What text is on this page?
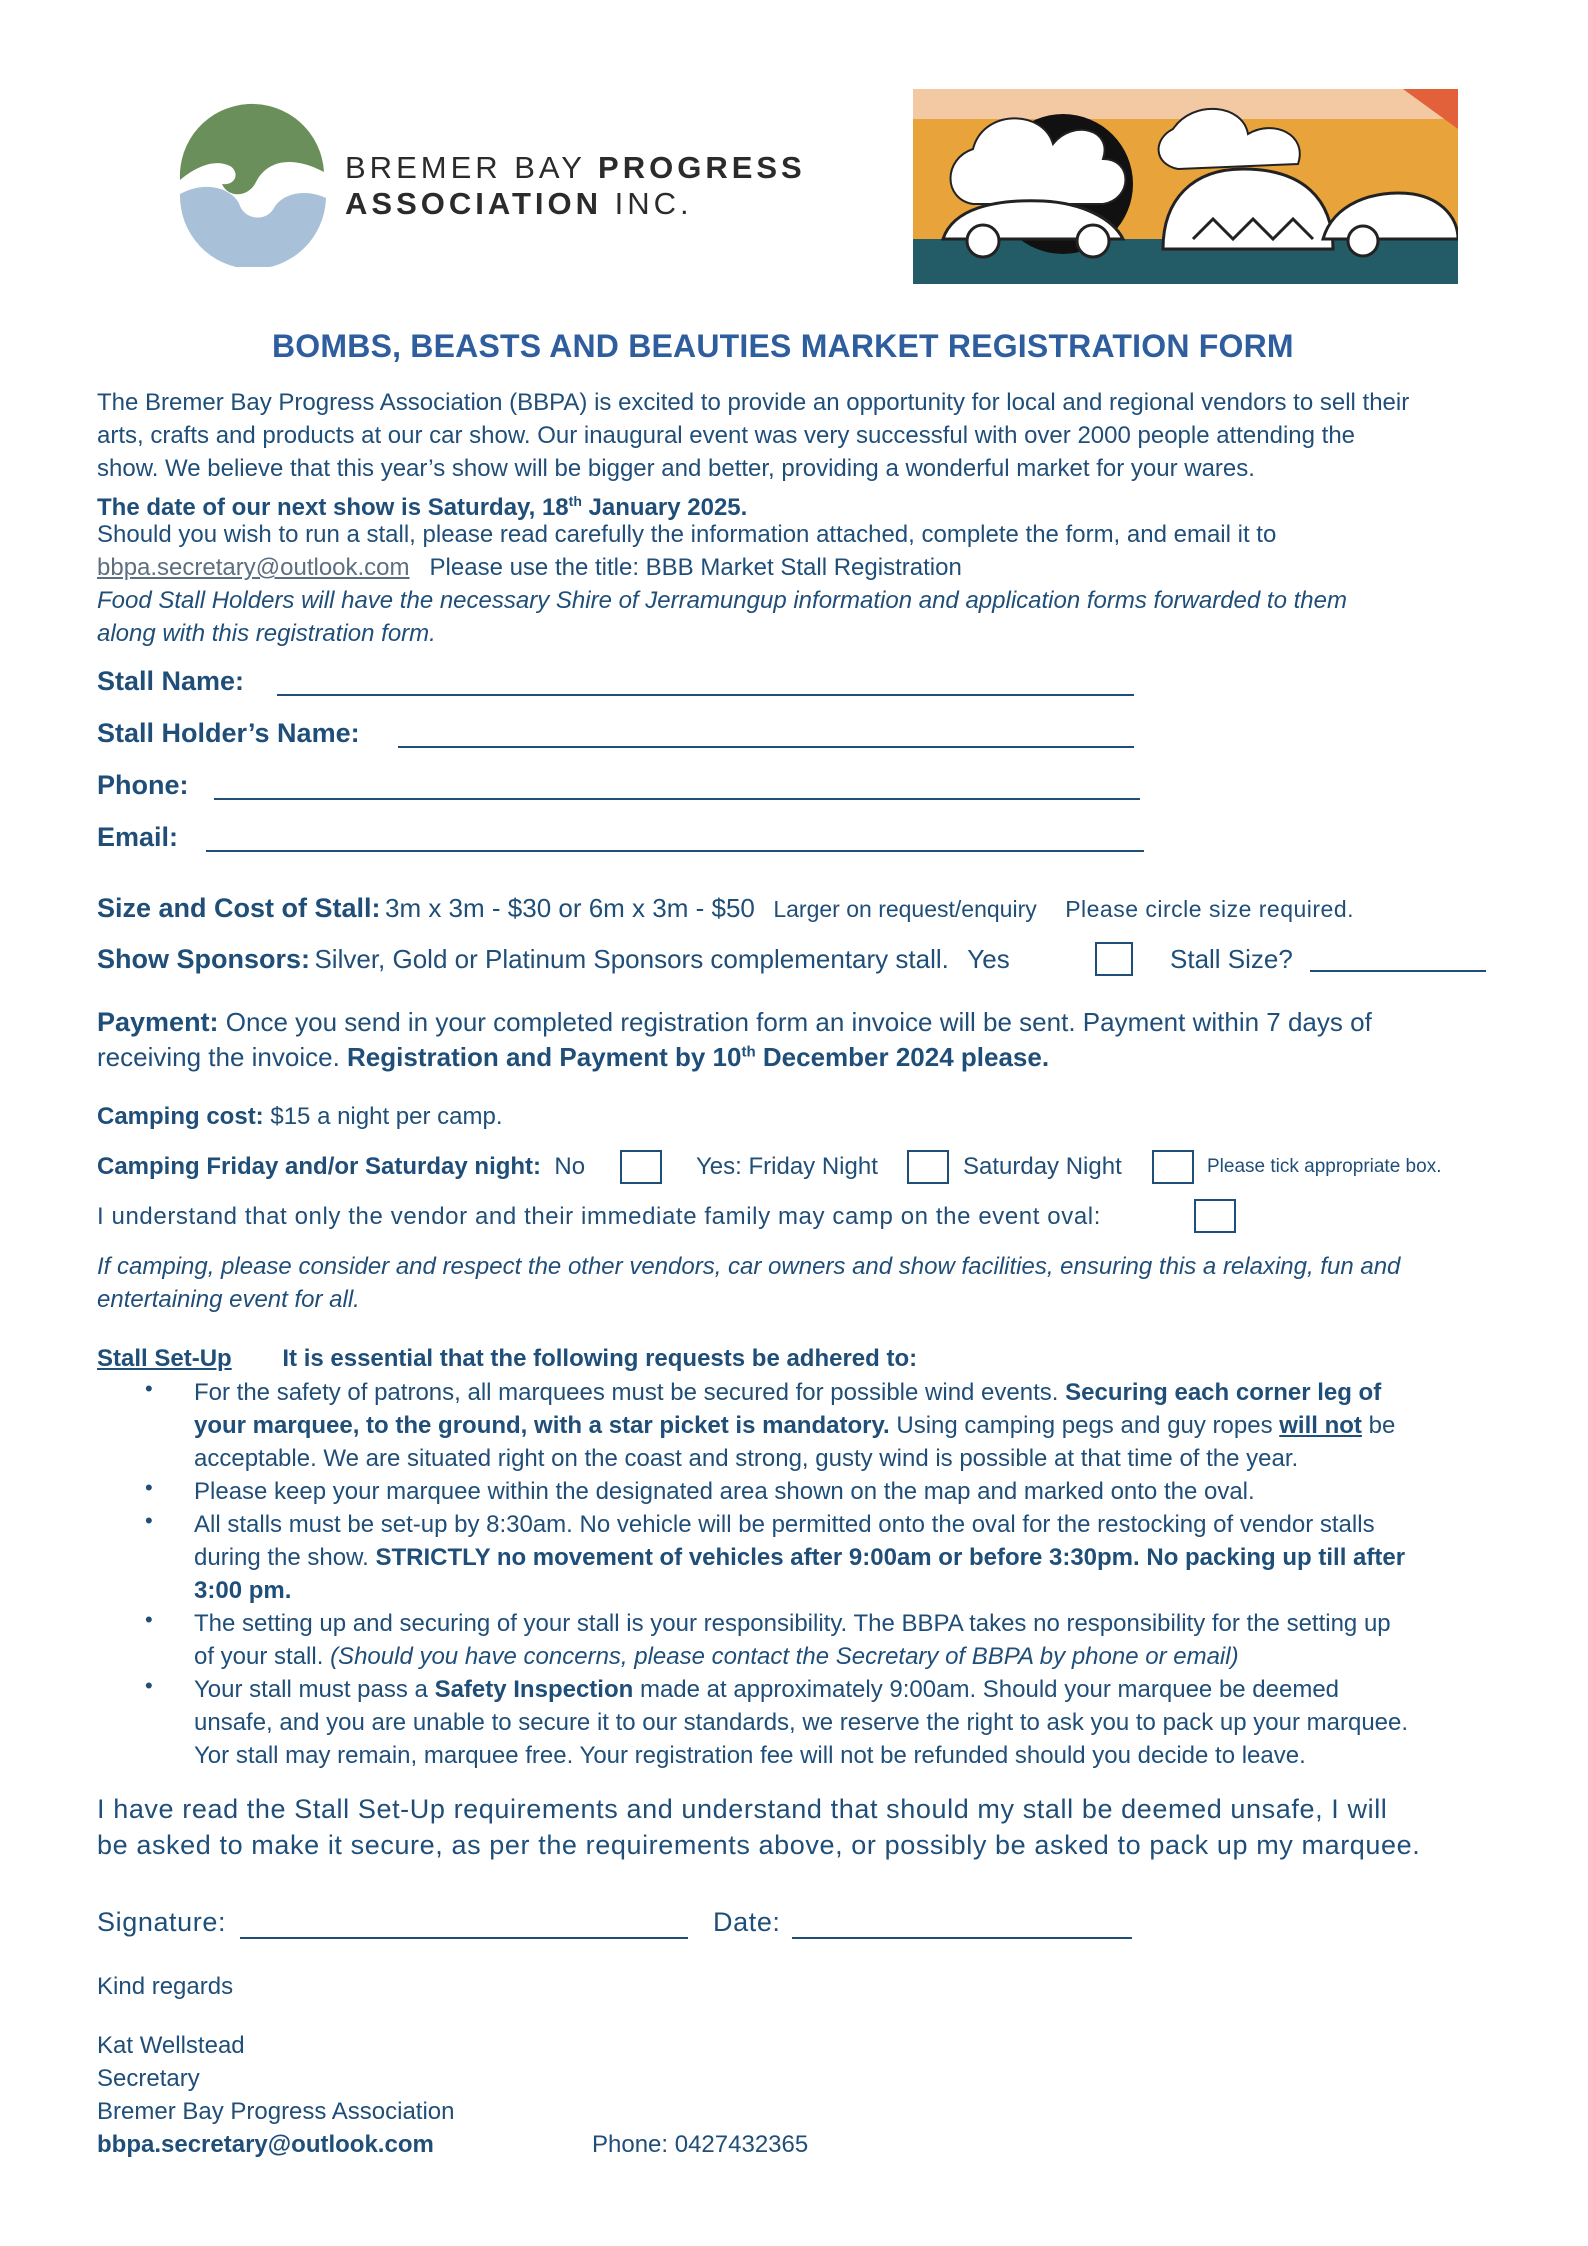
BREMER BAY PROGRESS
ASSOCIATION INC.
BOMBS, BEASTS AND BEAUTIES MARKET REGISTRATION FORM
The Bremer Bay Progress Association (BBPA) is excited to provide an opportunity for local and regional vendors to sell their
arts, crafts and products at our car show. Our inaugural event was very successful with over 2000 people attending the
show. We believe that this year’s show will be bigger and better, providing a wonderful market for your wares.
The date of our next show is Saturday, 18th January 2025.
Should you wish to run a stall, please read carefully the information attached, complete the form, and email it to
bbpa.secretary@outlook.com Please use the title: BBB Market Stall Registration
Food Stall Holders will have the necessary Shire of Jerramungup information and application forms forwarded to them
along with this registration form.
Stall Name:
Stall Holder’s Name:
Phone:
Email:
Size and Cost of Stall: 3m x 3m - $30 or 6m x 3m - $50 Larger on request/enquiry Please circle size required.
Show Sponsors: Silver, Gold or Platinum Sponsors complementary stall. Yes	Stall Size?
Payment: Once you send in your completed registration form an invoice will be sent. Payment within 7 days of
receiving the invoice. Registration and Payment by 10th December 2024 please.
Camping cost: $15 a night per camp.
Camping Friday and/or Saturday night: No	Yes: Friday Night	Saturday Night	Please tick appropriate box.
I understand that only the vendor and their immediate family may camp on the event oval:
If camping, please consider and respect the other vendors, car owners and show facilities, ensuring this a relaxing, fun and
entertaining event for all.
Stall Set-Up It is essential that the following requests be adhered to:
• For the safety of patrons, all marquees must be secured for possible wind events. Securing each corner leg of
your marquee, to the ground, with a star picket is mandatory. Using camping pegs and guy ropes will not be
acceptable. We are situated right on the coast and strong, gusty wind is possible at that time of the year.
• Please keep your marquee within the designated area shown on the map and marked onto the oval.
• All stalls must be set-up by 8:30am. No vehicle will be permitted onto the oval for the restocking of vendor stalls
during the show. STRICTLY no movement of vehicles after 9:00am or before 3:30pm. No packing up till after
3:00 pm.
• The setting up and securing of your stall is your responsibility. The BBPA takes no responsibility for the setting up
of your stall. (Should you have concerns, please contact the Secretary of BBPA by phone or email)
• Your stall must pass a Safety Inspection made at approximately 9:00am. Should your marquee be deemed
unsafe, and you are unable to secure it to our standards, we reserve the right to ask you to pack up your marquee.
Yor stall may remain, marquee free. Your registration fee will not be refunded should you decide to leave.
I have read the Stall Set-Up requirements and understand that should my stall be deemed unsafe, I will
be asked to make it secure, as per the requirements above, or possibly be asked to pack up my marquee.
Signature:	Date:
Kind regards
Kat Wellstead
Secretary
Bremer Bay Progress Association
bbpa.secretary@outlook.com	Phone: 0427432365
